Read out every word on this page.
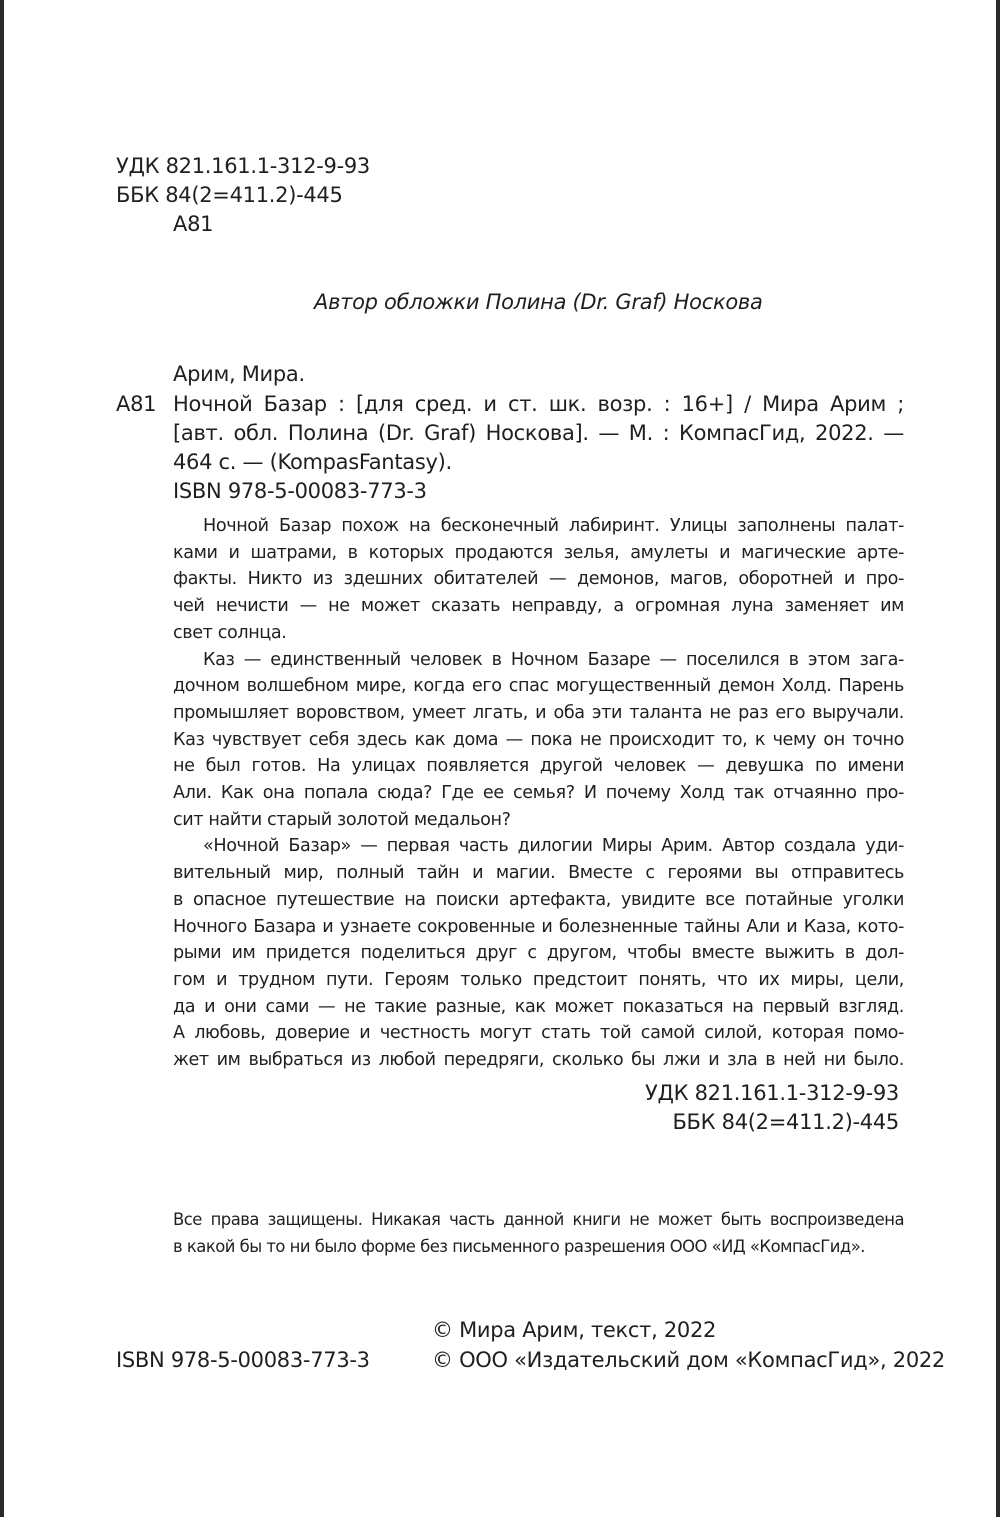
УДК 821.161.1-312-9-93
ББК 84(2=411.2)-445
А81
Автор обложки Полина (Dr. Graf) Носкова
Арим, Мира.
А81 Ночной Базар : [для сред. и ст. шк. возр. : 16+] / Мира Арим ;

[авт. обл. Полина (Dr. Graf) Носкова]. — М. : КомпасГид, 2022. —

464 с. — (KompasFantasy).

ISBN 978-5-00083-773-3

Ночной Базар похож на бесконечный лабиринт. Улицы заполнены палат-

ками и шатрами, в которых продаются зелья, амулеты и магические арте-

факты. Никто из здешних обитателей — демонов, магов, оборотней и про-

чей нечисти — не может сказать неправду, а огромная луна заменяет им

свет солнца.

Каз — единственный человек в Ночном Базаре — поселился в этом зага-

дочном волшебном мире, когда его спас могущественный демон Холд. Парень

промышляет воровством, умеет лгать, и оба эти таланта не раз его выручали.

Каз чувствует себя здесь как дома — пока не происходит то, к чему он точно

не был готов. На улицах появляется другой человек — девушка по имени

Али. Как она попала сюда? Где ее семья? И почему Холд так отчаянно про-

сит найти старый золотой медальон?

«Ночной Базар» — первая часть дилогии Миры Арим. Автор создала уди-

вительный мир, полный тайн и магии. Вместе с героями вы отправитесь

в опасное путешествие на поиски артефакта, увидите все потайные уголки

Ночного Базара и узнаете сокровенные и болезненные тайны Али и Каза, кото-

рыми им придется поделиться друг с другом, чтобы вместе выжить в дол-

гом и трудном пути. Героям только предстоит понять, что их миры, цели,

да и они сами — не такие разные, как может показаться на первый взгляд.

А любовь, доверие и честность могут стать той самой силой, которая помо-

жет им выбраться из любой передряги, сколько бы лжи и зла в ней ни было.

УДК 821.161.1-312-9-93
ББК 84(2=411.2)-445

Все права защищены. Никакая часть данной книги не может быть воспроизведена

в какой бы то ни было форме без письменного разрешения ООО «ИД «КомпасГид».

© Мира Арим, текст, 2022
ISBN 978-5-00083-773-3	© ООО «Издательский дом «КомпасГид», 2022
